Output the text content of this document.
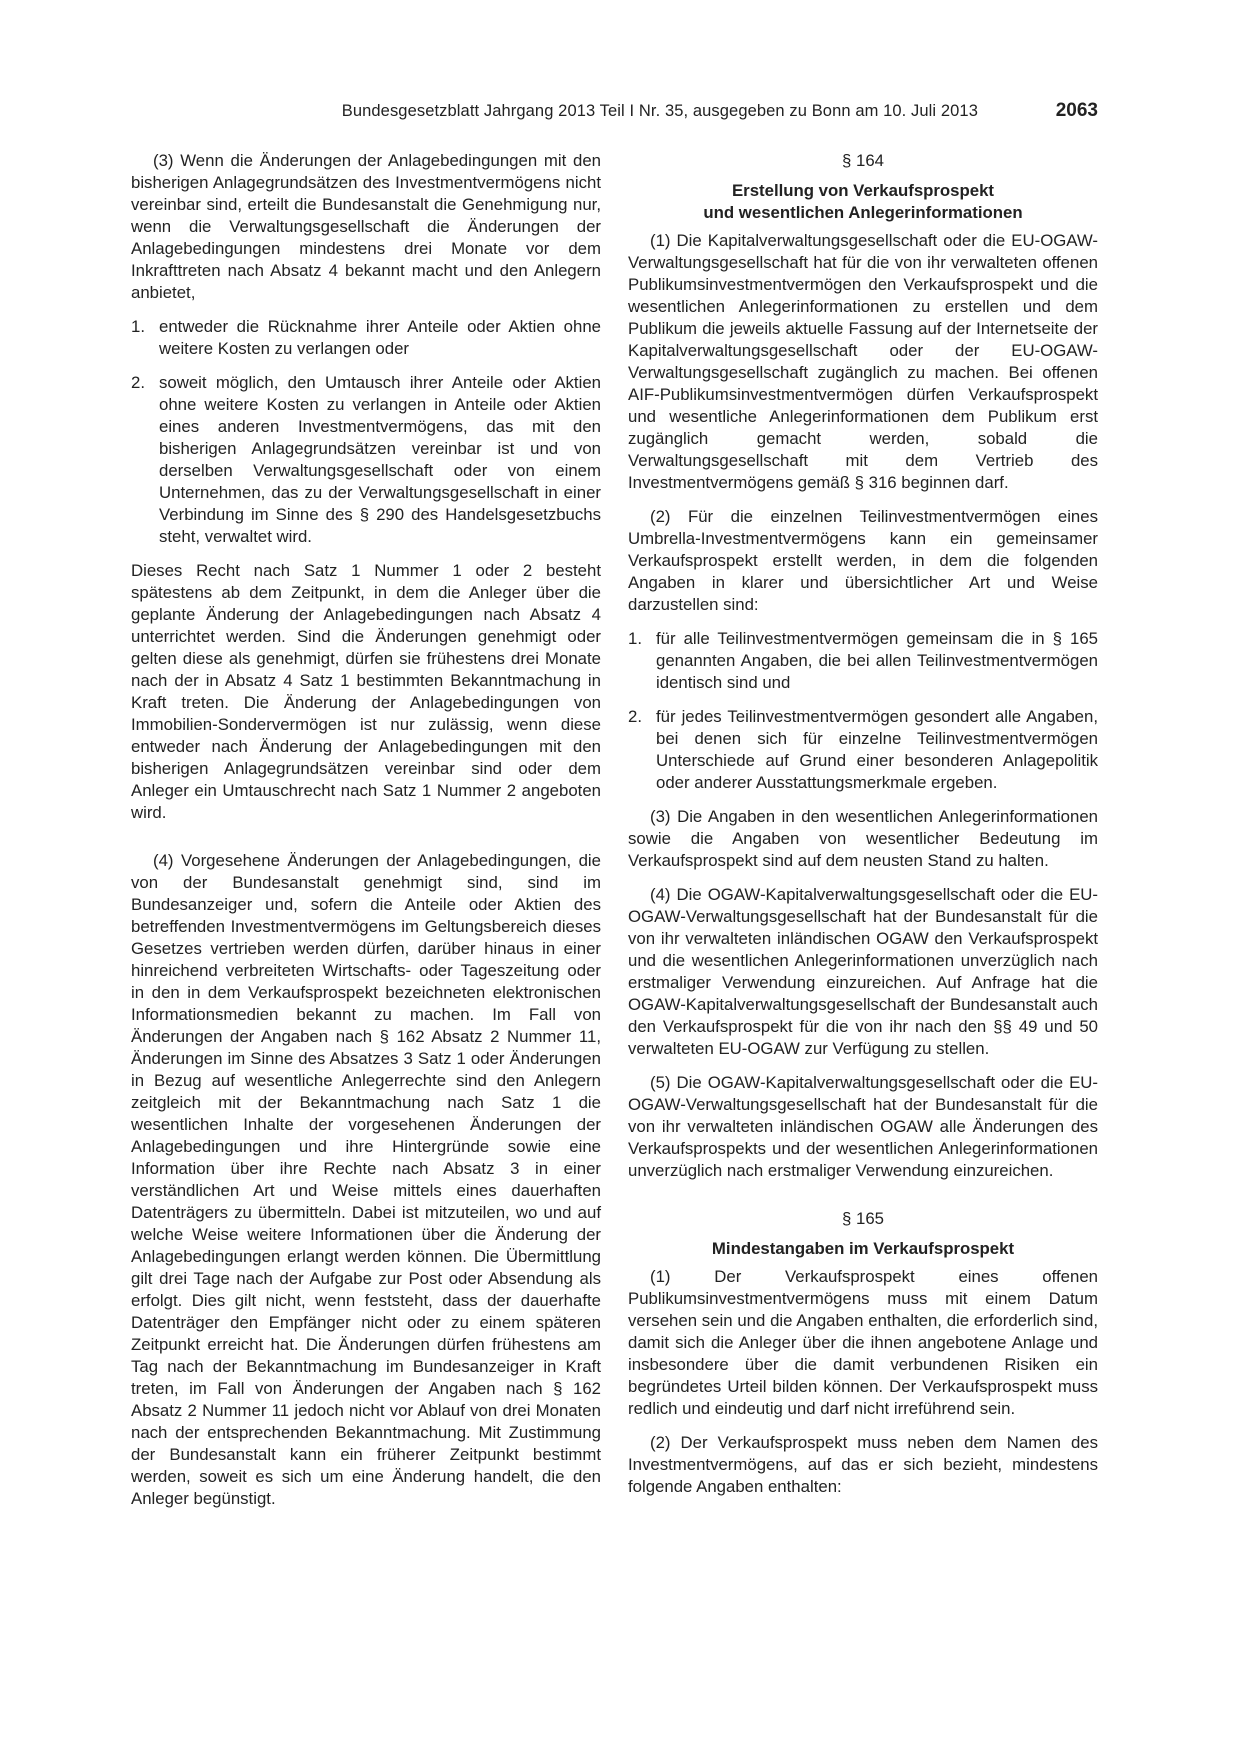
Bundesgesetzblatt Jahrgang 2013 Teil I Nr. 35, ausgegeben zu Bonn am 10. Juli 2013	2063

(3) Wenn die Änderungen der Anlagebedingungen mit den bisherigen Anlagegrundsätzen des Investmentvermögens nicht vereinbar sind, erteilt die Bundesanstalt die Genehmigung nur, wenn die Verwaltungsgesellschaft die Änderungen der Anlagebedingungen mindestens drei Monate vor dem Inkrafttreten nach Absatz 4 bekannt macht und den Anlegern anbietet,

1. entweder die Rücknahme ihrer Anteile oder Aktien ohne weitere Kosten zu verlangen oder
2. soweit möglich, den Umtausch ihrer Anteile oder Aktien ohne weitere Kosten zu verlangen in Anteile oder Aktien eines anderen Investmentvermögens, das mit den bisherigen Anlagegrundsätzen vereinbar ist und von derselben Verwaltungsgesellschaft oder von einem Unternehmen, das zu der Verwaltungsgesellschaft in einer Verbindung im Sinne des § 290 des Handelsgesetzbuchs steht, verwaltet wird.

Dieses Recht nach Satz 1 Nummer 1 oder 2 besteht spätestens ab dem Zeitpunkt, in dem die Anleger über die geplante Änderung der Anlagebedingungen nach Absatz 4 unterrichtet werden. Sind die Änderungen genehmigt oder gelten diese als genehmigt, dürfen sie frühestens drei Monate nach der in Absatz 4 Satz 1 bestimmten Bekanntmachung in Kraft treten. Die Änderung der Anlagebedingungen von Immobilien-Sondervermögen ist nur zulässig, wenn diese entweder nach Änderung der Anlagebedingungen mit den bisherigen Anlagegrundsätzen vereinbar sind oder dem Anleger ein Umtauschrecht nach Satz 1 Nummer 2 angeboten wird.

(4) Vorgesehene Änderungen der Anlagebedingungen, die von der Bundesanstalt genehmigt sind, sind im Bundesanzeiger und, sofern die Anteile oder Aktien des betreffenden Investmentvermögens im Geltungsbereich dieses Gesetzes vertrieben werden dürfen, darüber hinaus in einer hinreichend verbreiteten Wirtschafts- oder Tageszeitung oder in den in dem Verkaufsprospekt bezeichneten elektronischen Informationsmedien bekannt zu machen. Im Fall von Änderungen der Angaben nach § 162 Absatz 2 Nummer 11, Änderungen im Sinne des Absatzes 3 Satz 1 oder Änderungen in Bezug auf wesentliche Anlegerrechte sind den Anlegern zeitgleich mit der Bekanntmachung nach Satz 1 die wesentlichen Inhalte der vorgesehenen Änderungen der Anlagebedingungen und ihre Hintergründe sowie eine Information über ihre Rechte nach Absatz 3 in einer verständlichen Art und Weise mittels eines dauerhaften Datenträgers zu übermitteln. Dabei ist mitzuteilen, wo und auf welche Weise weitere Informationen über die Änderung der Anlagebedingungen erlangt werden können. Die Übermittlung gilt drei Tage nach der Aufgabe zur Post oder Absendung als erfolgt. Dies gilt nicht, wenn feststeht, dass der dauerhafte Datenträger den Empfänger nicht oder zu einem späteren Zeitpunkt erreicht hat. Die Änderungen dürfen frühestens am Tag nach der Bekanntmachung im Bundesanzeiger in Kraft treten, im Fall von Änderungen der Angaben nach § 162 Absatz 2 Nummer 11 jedoch nicht vor Ablauf von drei Monaten nach der entsprechenden Bekanntmachung. Mit Zustimmung der Bundesanstalt kann ein früherer Zeitpunkt bestimmt werden, soweit es sich um eine Änderung handelt, die den Anleger begünstigt.

§ 164
Erstellung von Verkaufsprospekt
und wesentlichen Anlegerinformationen

(1) Die Kapitalverwaltungsgesellschaft oder die EU-OGAW-Verwaltungsgesellschaft hat für die von ihr verwalteten offenen Publikumsinvestmentvermögen den Verkaufsprospekt und die wesentlichen Anlegerinformationen zu erstellen und dem Publikum die jeweils aktuelle Fassung auf der Internetseite der Kapitalverwaltungsgesellschaft oder der EU-OGAW-Verwaltungsgesellschaft zugänglich zu machen. Bei offenen AIF-Publikumsinvestmentvermögen dürfen Verkaufsprospekt und wesentliche Anlegerinformationen dem Publikum erst zugänglich gemacht werden, sobald die Verwaltungsgesellschaft mit dem Vertrieb des Investmentvermögens gemäß § 316 beginnen darf.

(2) Für die einzelnen Teilinvestmentvermögen eines Umbrella-Investmentvermögens kann ein gemeinsamer Verkaufsprospekt erstellt werden, in dem die folgenden Angaben in klarer und übersichtlicher Art und Weise darzustellen sind:

1. für alle Teilinvestmentvermögen gemeinsam die in § 165 genannten Angaben, die bei allen Teilinvestmentvermögen identisch sind und
2. für jedes Teilinvestmentvermögen gesondert alle Angaben, bei denen sich für einzelne Teilinvestmentvermögen Unterschiede auf Grund einer besonderen Anlagepolitik oder anderer Ausstattungsmerkmale ergeben.

(3) Die Angaben in den wesentlichen Anlegerinformationen sowie die Angaben von wesentlicher Bedeutung im Verkaufsprospekt sind auf dem neusten Stand zu halten.

(4) Die OGAW-Kapitalverwaltungsgesellschaft oder die EU-OGAW-Verwaltungsgesellschaft hat der Bundesanstalt für die von ihr verwalteten inländischen OGAW den Verkaufsprospekt und die wesentlichen Anlegerinformationen unverzüglich nach erstmaliger Verwendung einzureichen. Auf Anfrage hat die OGAW-Kapitalverwaltungsgesellschaft der Bundesanstalt auch den Verkaufsprospekt für die von ihr nach den §§ 49 und 50 verwalteten EU-OGAW zur Verfügung zu stellen.

(5) Die OGAW-Kapitalverwaltungsgesellschaft oder die EU-OGAW-Verwaltungsgesellschaft hat der Bundesanstalt für die von ihr verwalteten inländischen OGAW alle Änderungen des Verkaufsprospekts und der wesentlichen Anlegerinformationen unverzüglich nach erstmaliger Verwendung einzureichen.

§ 165
Mindestangaben im Verkaufsprospekt

(1) Der Verkaufsprospekt eines offenen Publikumsinvestmentvermögens muss mit einem Datum versehen sein und die Angaben enthalten, die erforderlich sind, damit sich die Anleger über die ihnen angebotene Anlage und insbesondere über die damit verbundenen Risiken ein begründetes Urteil bilden können. Der Verkaufsprospekt muss redlich und eindeutig und darf nicht irreführend sein.

(2) Der Verkaufsprospekt muss neben dem Namen des Investmentvermögens, auf das er sich bezieht, mindestens folgende Angaben enthalten:
